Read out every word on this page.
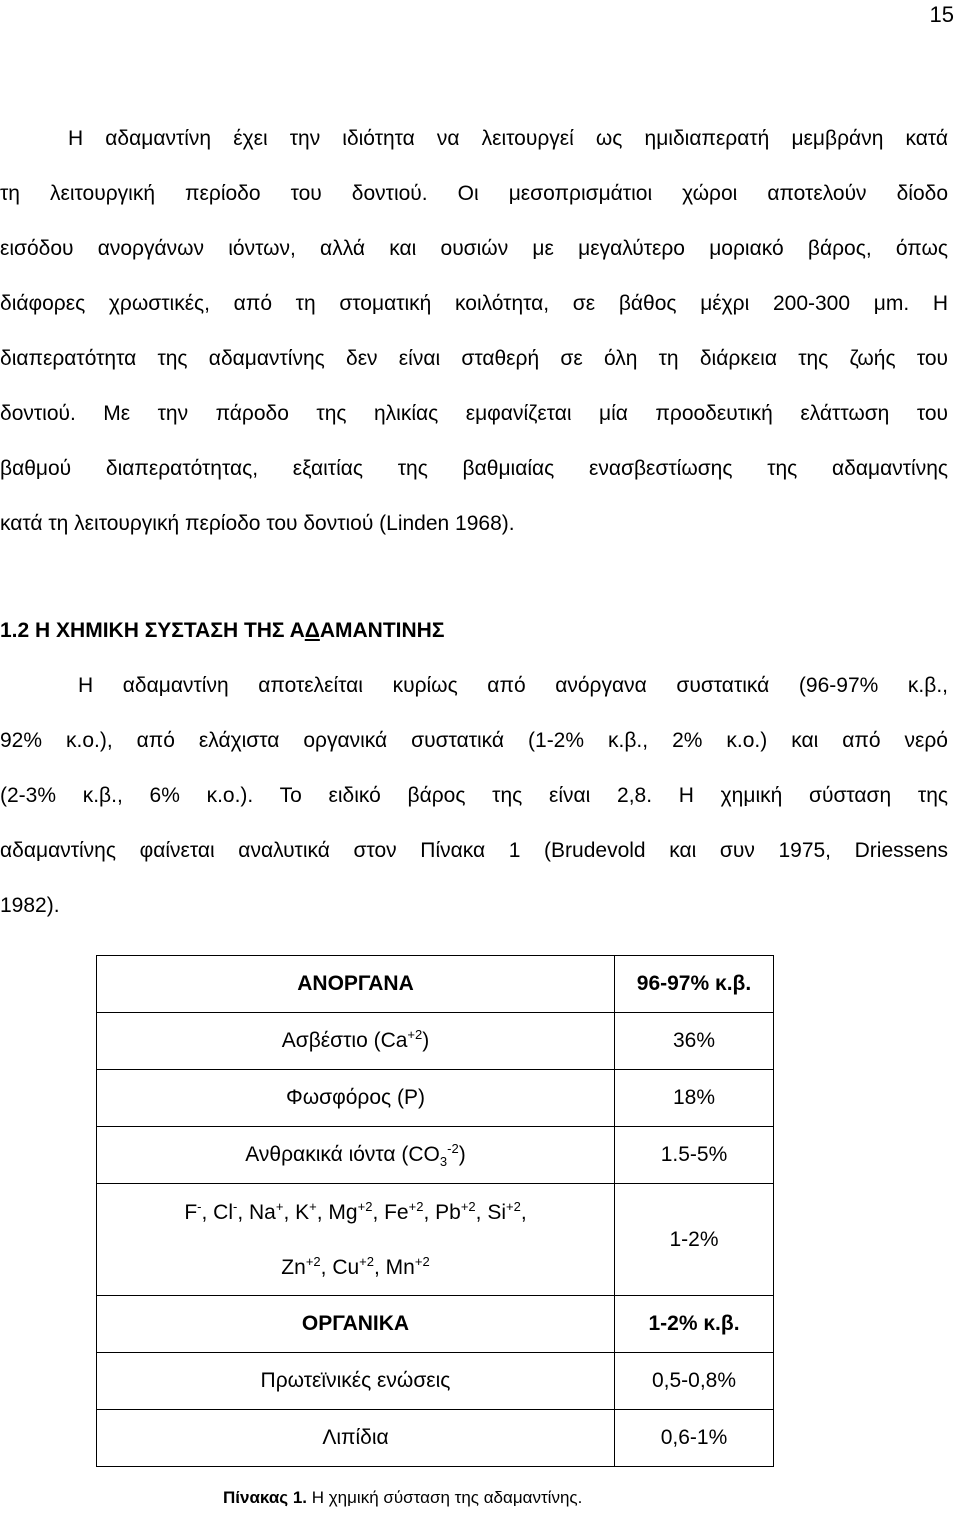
15
Η αδαμαντίνη έχει την ιδιότητα να λειτουργεί ως ημιδιαπερατή μεμβράνη κατά
τη λειτουργική περίοδο του δοντιού. Οι μεσοπρισμάτιοι χώροι αποτελούν δίοδο
εισόδου ανοργάνων ιόντων, αλλά και ουσιών με μεγαλύτερο μοριακό βάρος, όπως
διάφορες χρωστικές, από τη στοματική κοιλότητα, σε βάθος μέχρι 200-300 μm. Η
διαπερατότητα της αδαμαντίνης δεν είναι σταθερή σε όλη τη διάρκεια της ζωής του
δοντιού. Με την πάροδο της ηλικίας εμφανίζεται μία προοδευτική ελάττωση του
βαθμού διαπερατότητας, εξαιτίας της βαθμιαίας ενασβεστίωσης της αδαμαντίνης
κατά τη λειτουργική περίοδο του δοντιού (Linden 1968).
1.2 Η ΧΗΜΙΚΗ ΣΥΣΤΑΣΗ ΤΗΣ ΑΔΑΜΑΝΤΙΝΗΣ
Η αδαμαντίνη αποτελείται κυρίως από ανόργανα συστατικά (96-97% κ.β.,
92% κ.ο.), από ελάχιστα οργανικά συστατικά (1-2% κ.β., 2% κ.ο.) και από νερό
(2-3% κ.β., 6% κ.ο.). Το ειδικό βάρος της είναι 2,8. Η χημική σύσταση της
αδαμαντίνης φαίνεται αναλυτικά στον Πίνακα 1 (Brudevold και συν 1975, Driessens
1982).
ΑΝΟΡΓΑΝΑ	96-97% κ.β.
Ασβέστιο $(Ca^{+2})$	36%
Φωσφόρος (P)	18%
Ανθρακικά ιόντα $(CO_3^{-2})$	1.5-5%

F-, Cl-, Na+, K+, $Mg^{+2}$, $Fe^{+2}$, $Pb^{+2}$, $Si^{+2}$,
$Zn^{+2}$, $Cu^{+2}$, $Mn^{+2}$	1-2%
ΟΡΓΑΝΙΚΑ	1-2% κ.β.
Πρωτεϊνικές ενώσεις	0,5-0,8%
Λιπίδια	0,6-1%

Πίνακας 1. Η χημική σύσταση της αδαμαντίνης.
